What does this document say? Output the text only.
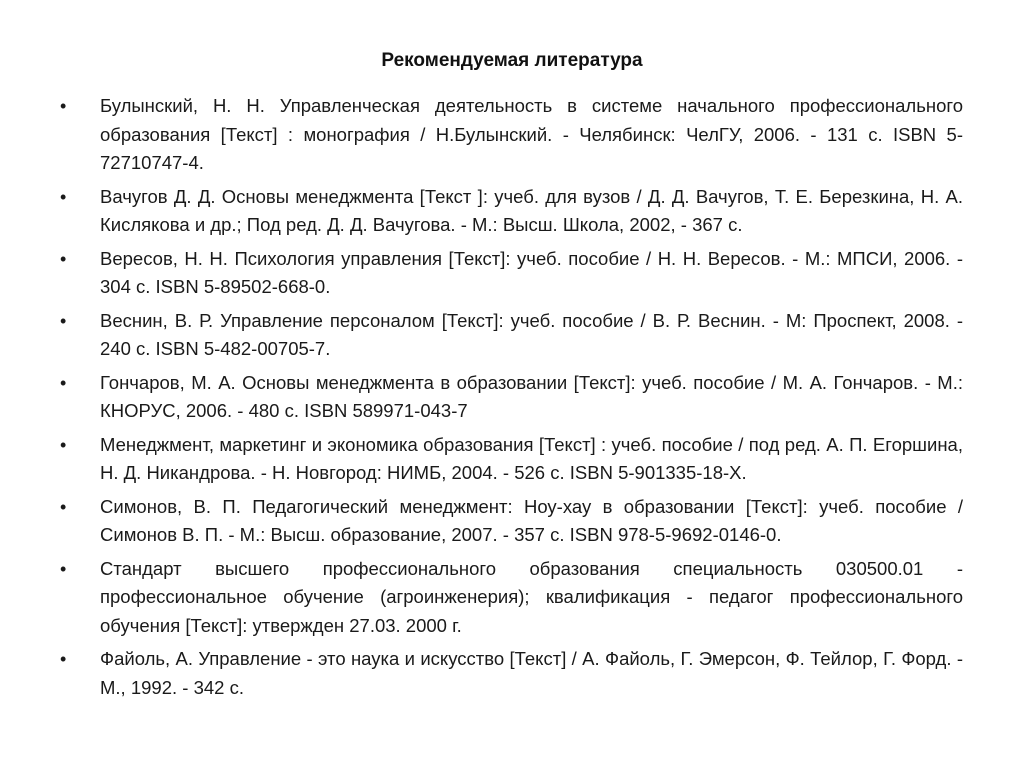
Рекомендуемая литература
•	Булынский, Н. Н. Управленческая деятельность в системе начального профессионального образования [Текст] : монография / Н.Булынский. - Челябинск: ЧелГУ, 2006. - 131 с. ISBN 5-72710747-4.
•	Вачугов Д. Д. Основы менеджмента [Текст ]: учеб. для вузов / Д. Д. Вачугов, Т. Е. Березкина, Н. А. Кислякова и др.; Под ред. Д. Д. Вачугова. - М.: Высш. Школа, 2002, - 367 с.
•	Вересов, Н. Н. Психология управления [Текст]: учеб. пособие / Н. Н. Вересов. - М.: МПСИ, 2006. - 304 с. ISBN 5-89502-668-0.
•	Веснин, В. Р. Управление персоналом [Текст]: учеб. пособие / В. Р. Веснин. - М: Проспект, 2008. - 240 с. ISBN 5-482-00705-7.
•	Гончаров, М. А. Основы менеджмента в образовании [Текст]: учеб. пособие / М. А. Гончаров. - М.: КНОРУС, 2006. - 480 с. ISBN 589971-043-7
•	Менеджмент, маркетинг и экономика образования [Текст] : учеб. пособие / под ред. А. П. Егоршина, Н. Д. Никандрова. - Н. Новгород: НИМБ, 2004. - 526 с. ISBN 5-901335-18-Х.
•	Симонов, В. П. Педагогический менеджмент: Ноу-хау в образовании [Текст]: учеб. пособие / Симонов В. П. - М.: Высш. образование, 2007. - 357 с. ISBN 978-5-9692-0146-0.
•	Стандарт высшего профессионального образования специальность 030500.01 - профессиональное обучение (агроинженерия); квалификация - педагог профессионального обучения [Текст]: утвержден 27.03. 2000 г.
•	Файоль, А. Управление - это наука и искусство [Текст] / А. Файоль, Г. Эмерсон, Ф. Тейлор, Г. Форд. - М., 1992. - 342 с.
